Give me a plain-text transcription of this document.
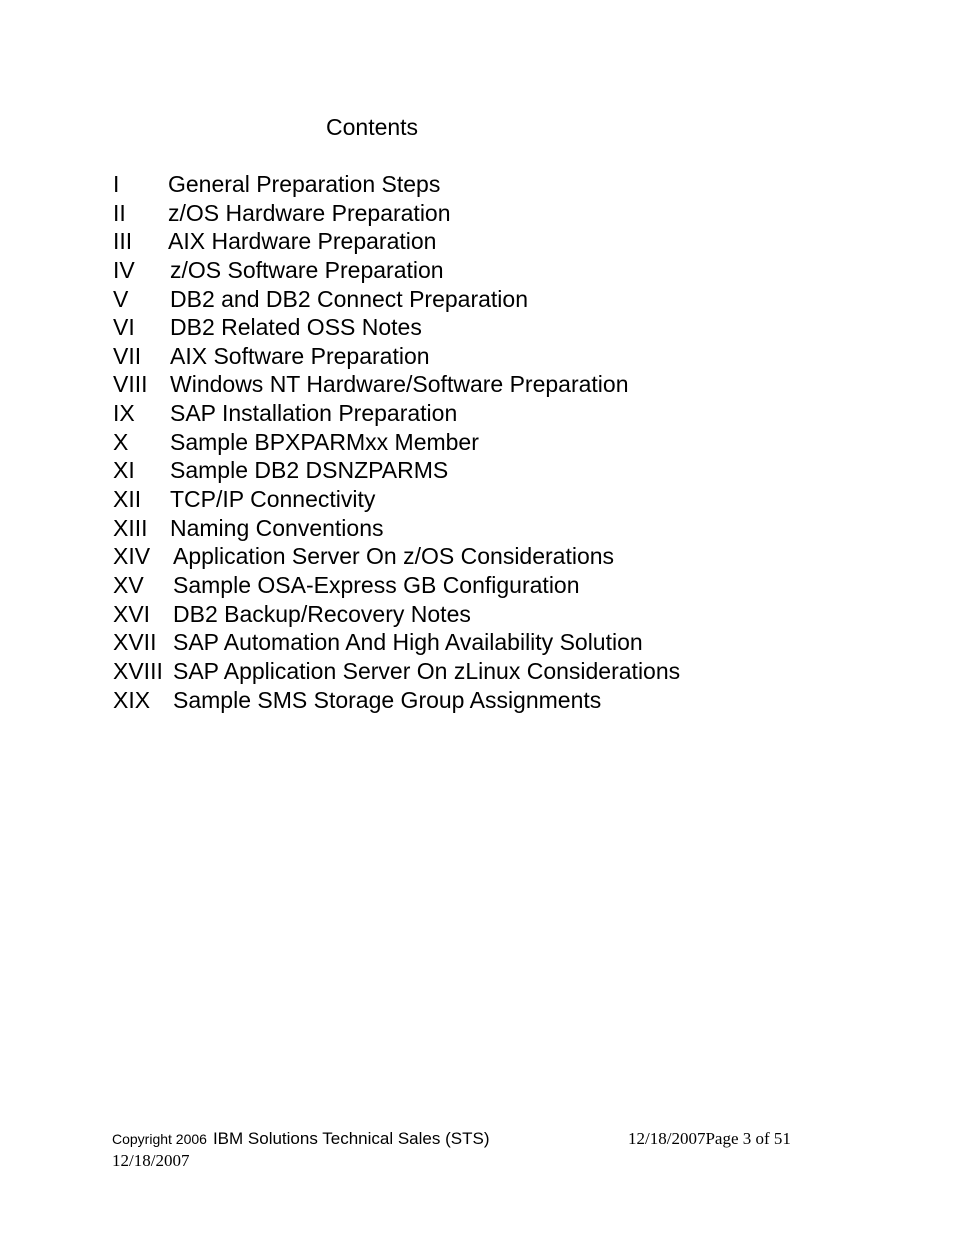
Contents
I General Preparation Steps
II z/OS Hardware Preparation
III AIX Hardware Preparation
IV z/OS Software Preparation
V DB2 and DB2 Connect Preparation
VI DB2 Related OSS Notes
VII AIX Software Preparation
VIII Windows NT Hardware/Software Preparation
IX SAP Installation Preparation
X Sample BPXPARMxx Member
XI Sample DB2 DSNZPARMS
XII TCP/IP Connectivity
XIII Naming Conventions
XIV Application Server On z/OS Considerations
XV Sample OSA-Express GB Configuration
XVI DB2 Backup/Recovery Notes
XVII SAP Automation And High Availability Solution
XVIII SAP Application Server On zLinux Considerations
XIX Sample SMS Storage Group Assignments
Copyright 2006 IBM Solutions Technical Sales (STS)	12/18/2007Page 3 of 51
12/18/2007
